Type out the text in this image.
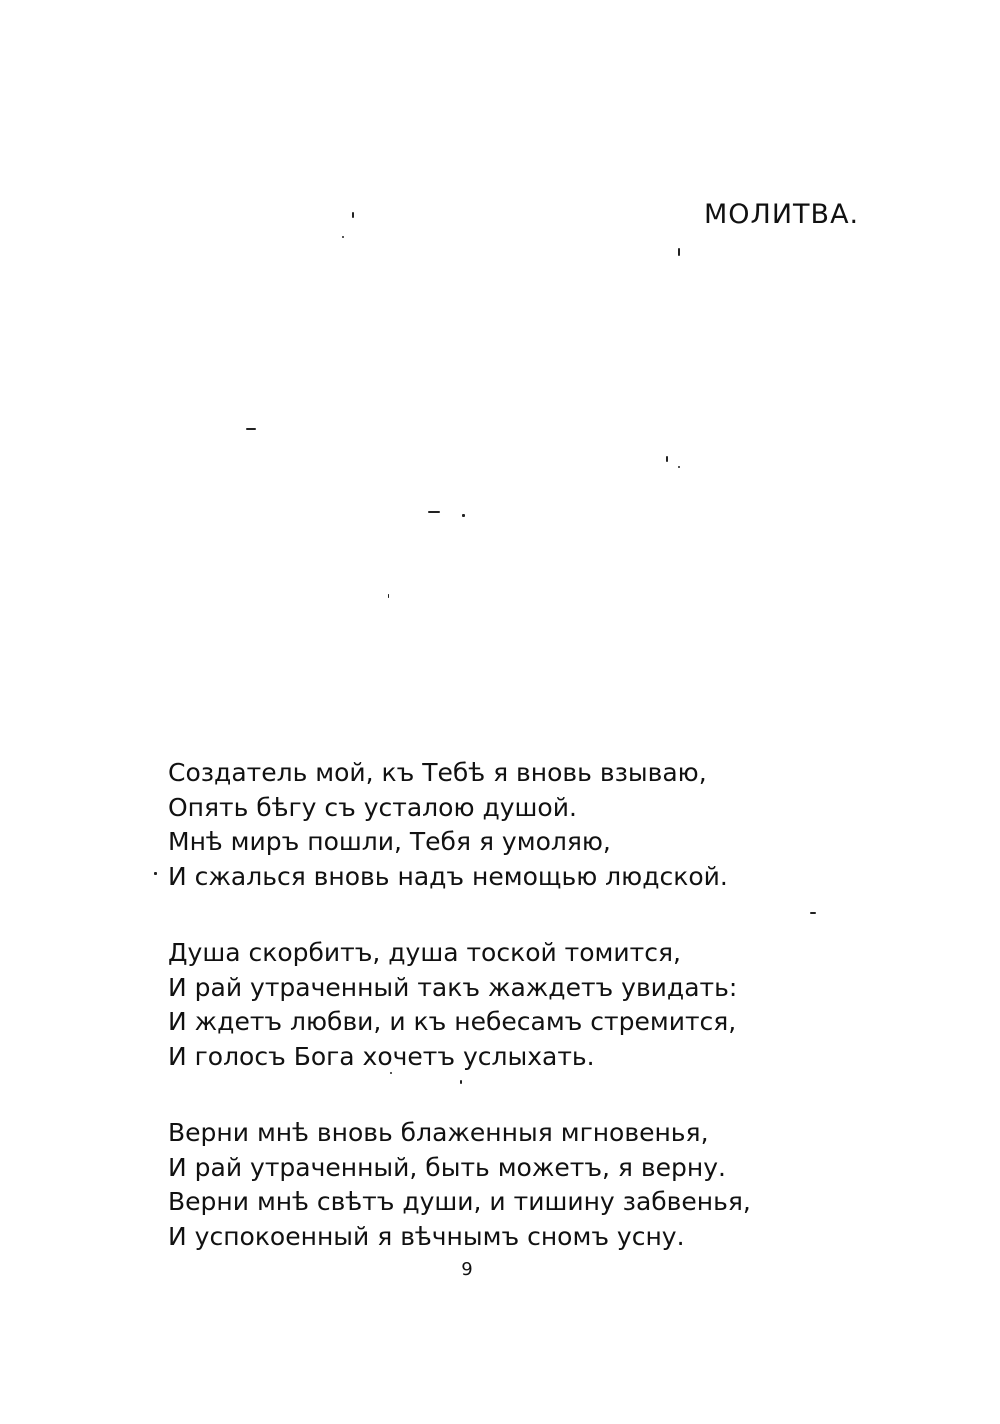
МОЛИТВА.
Создатель мой, къ Тебѣ я вновь взываю,
Опять бѣгу съ усталою душой.
Мнѣ миръ пошли, Тебя я умоляю,
И сжалься вновь надъ немощью людской.
Душа скорбитъ, душа тоской томится,
И рай утраченный такъ жаждетъ увидать:
И ждетъ любви, и къ небесамъ стремится,
И голосъ Бога хочетъ услыхать.
Верни мнѣ вновь блаженныя мгновенья,
И рай утраченный, быть можетъ, я верну.
Верни мнѣ свѣтъ души, и тишину забвенья,
И успокоенный я вѣчнымъ сномъ усну.
9
